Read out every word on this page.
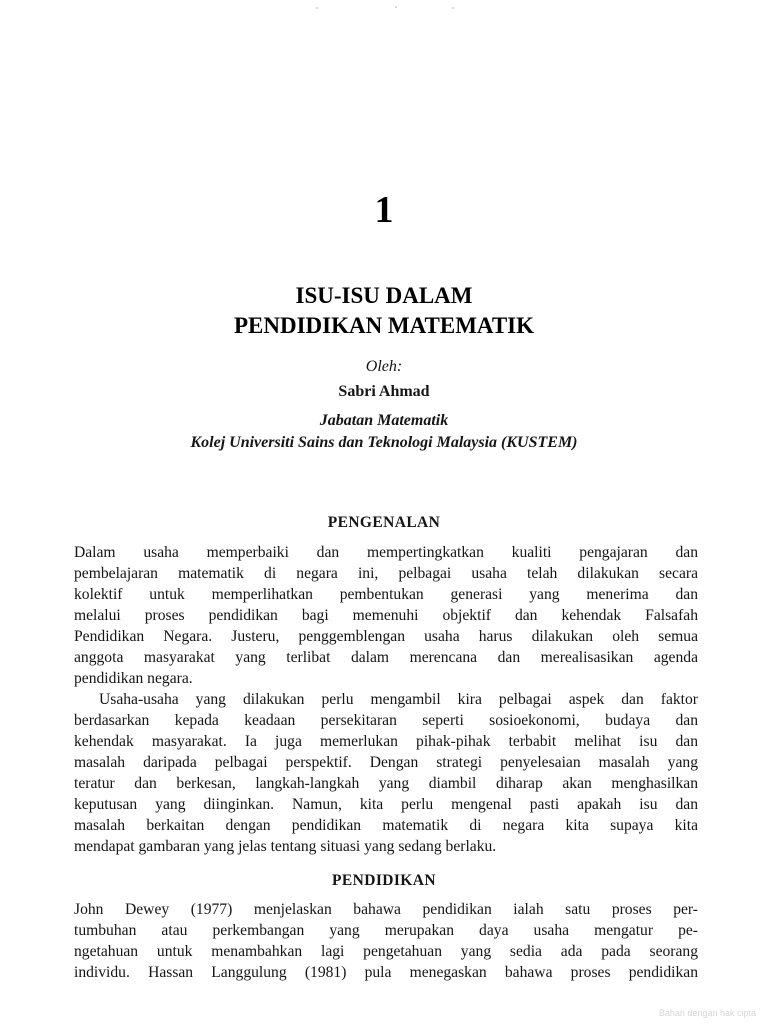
1
ISU-ISU DALAM
PENDIDIKAN MATEMATIK
Oleh:
Sabri Ahmad
Jabatan Matematik
Kolej Universiti Sains dan Teknologi Malaysia (KUSTEM)
PENGENALAN
Dalam usaha memperbaiki dan mempertingkatkan kualiti pengajaran dan
pembelajaran matematik di negara ini, pelbagai usaha telah dilakukan secara
kolektif untuk memperlihatkan pembentukan generasi yang menerima dan
melalui proses pendidikan bagi memenuhi objektif dan kehendak Falsafah
Pendidikan Negara. Justeru, penggemblengan usaha harus dilakukan oleh semua
anggota masyarakat yang terlibat dalam merencana dan merealisasikan agenda
pendidikan negara.
Usaha-usaha yang dilakukan perlu mengambil kira pelbagai aspek dan faktor
berdasarkan kepada keadaan persekitaran seperti sosioekonomi, budaya dan
kehendak masyarakat. Ia juga memerlukan pihak-pihak terbabit melihat isu dan
masalah daripada pelbagai perspektif. Dengan strategi penyelesaian masalah yang
teratur dan berkesan, langkah-langkah yang diambil diharap akan menghasilkan
keputusan yang diinginkan. Namun, kita perlu mengenal pasti apakah isu dan
masalah berkaitan dengan pendidikan matematik di negara kita supaya kita
mendapat gambaran yang jelas tentang situasi yang sedang berlaku.
PENDIDIKAN
John Dewey (1977) menjelaskan bahawa pendidikan ialah satu proses per-
tumbuhan atau perkembangan yang merupakan daya usaha mengatur pe-
ngetahuan untuk menambahkan lagi pengetahuan yang sedia ada pada seorang
individu. Hassan Langgulung (1981) pula menegaskan bahawa proses pendidikan
Bahan dengan hak cipta
